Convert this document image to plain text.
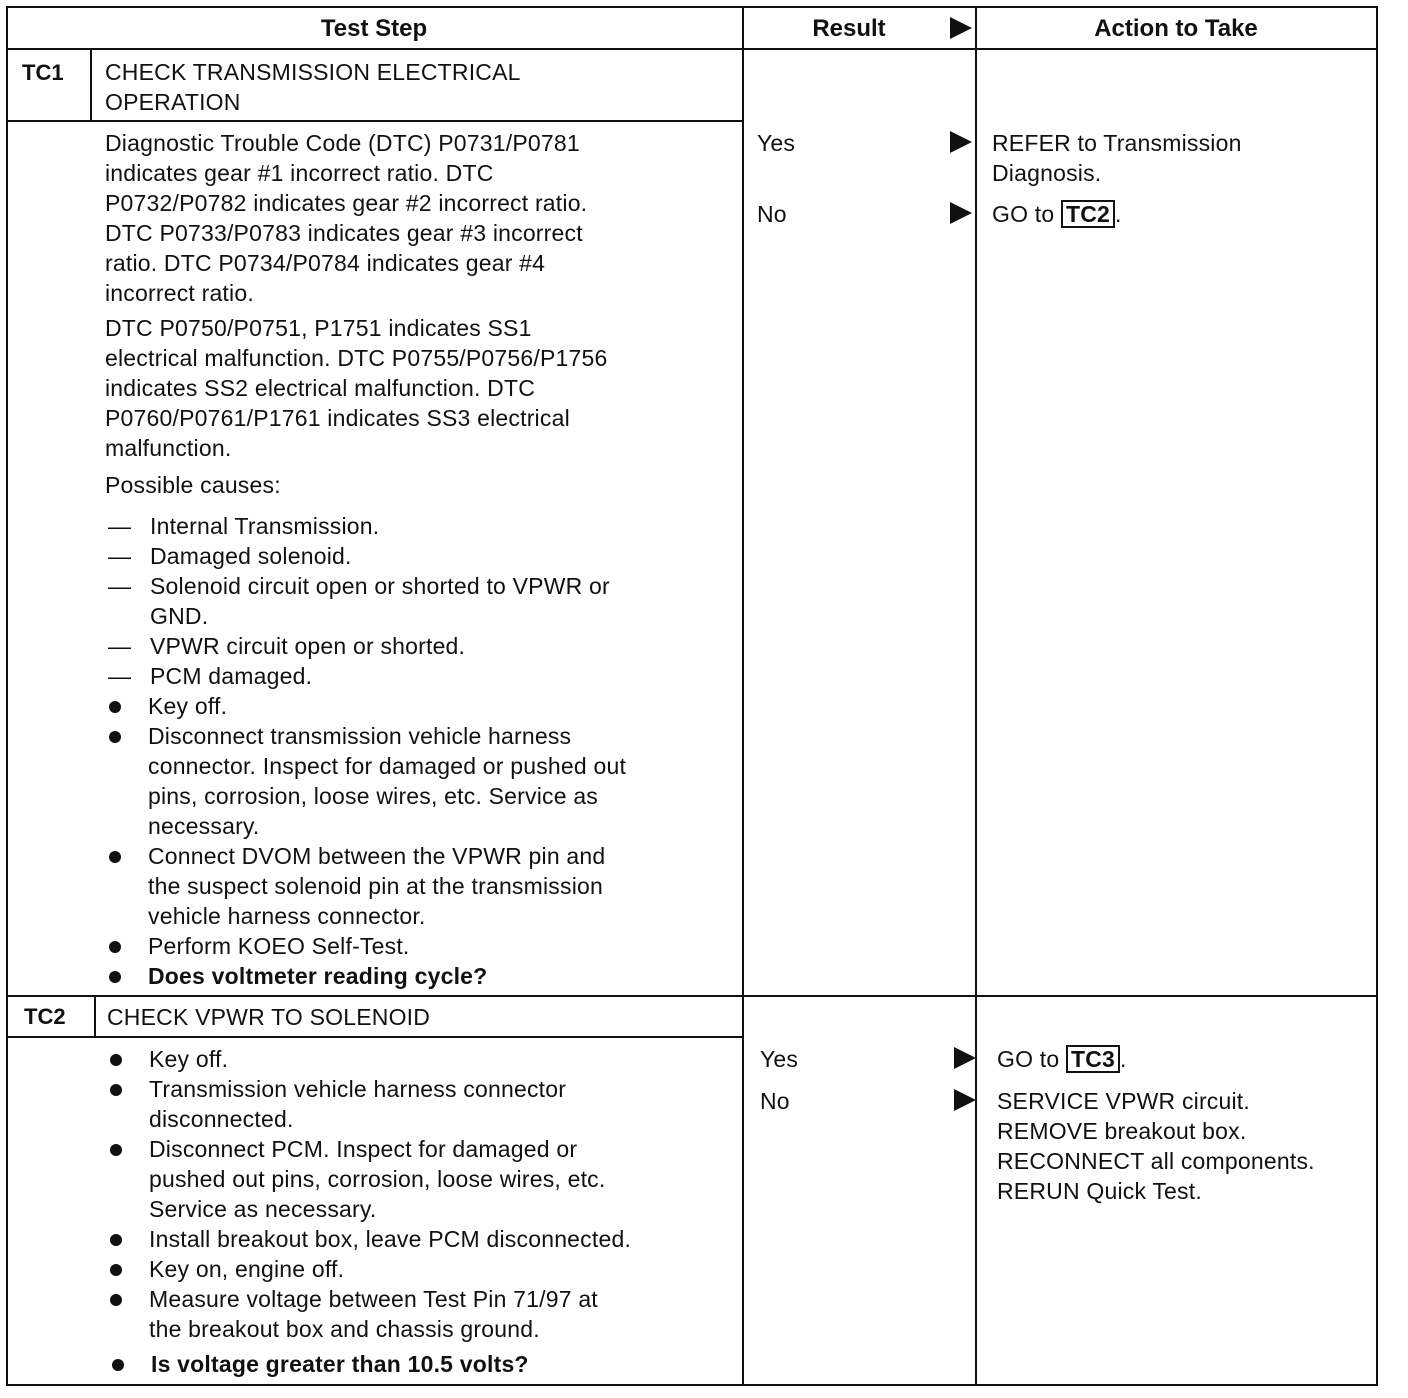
Test Step	Result	Action to Take
TC1 CHECK TRANSMISSION ELECTRICAL
OPERATION
Diagnostic Trouble Code (DTC) P0731/P0781
indicates gear #1 incorrect ratio. DTC
P0732/P0782 indicates gear #2 incorrect ratio.
DTC P0733/P0783 indicates gear #3 incorrect
ratio. DTC P0734/P0784 indicates gear #4
incorrect ratio.
DTC P0750/P0751, P1751 indicates SS1
electrical malfunction. DTC P0755/P0756/P1756
indicates SS2 electrical malfunction. DTC
P0760/P0761/P1761 indicates SS3 electrical
malfunction.
Possible causes:
— Internal Transmission.
— Damaged solenoid.
— Solenoid circuit open or shorted to VPWR or
GND.
— VPWR circuit open or shorted.
— PCM damaged.
Key off.
Disconnect transmission vehicle harness
connector. Inspect for damaged or pushed out
pins, corrosion, loose wires, etc. Service as
necessary.
Connect DVOM between the VPWR pin and
the suspect solenoid pin at the transmission
vehicle harness connector.
Perform KOEO Self-Test.
Does voltmeter reading cycle?
Yes
No
REFER to Transmission
Diagnosis.
GO to TC2 .
TC2 CHECK VPWR TO SOLENOID
Key off.
Transmission vehicle harness connector
disconnected.
Disconnect PCM. Inspect for damaged or
pushed out pins, corrosion, loose wires, etc.
Service as necessary.
Install breakout box, leave PCM disconnected.
Key on, engine off.
Measure voltage between Test Pin 71/97 at
the breakout box and chassis ground.
Is voltage greater than 10.5 volts?
Yes
No
GO to TC3 .
SERVICE VPWR circuit.
REMOVE breakout box.
RECONNECT all components.
RERUN Quick Test.
